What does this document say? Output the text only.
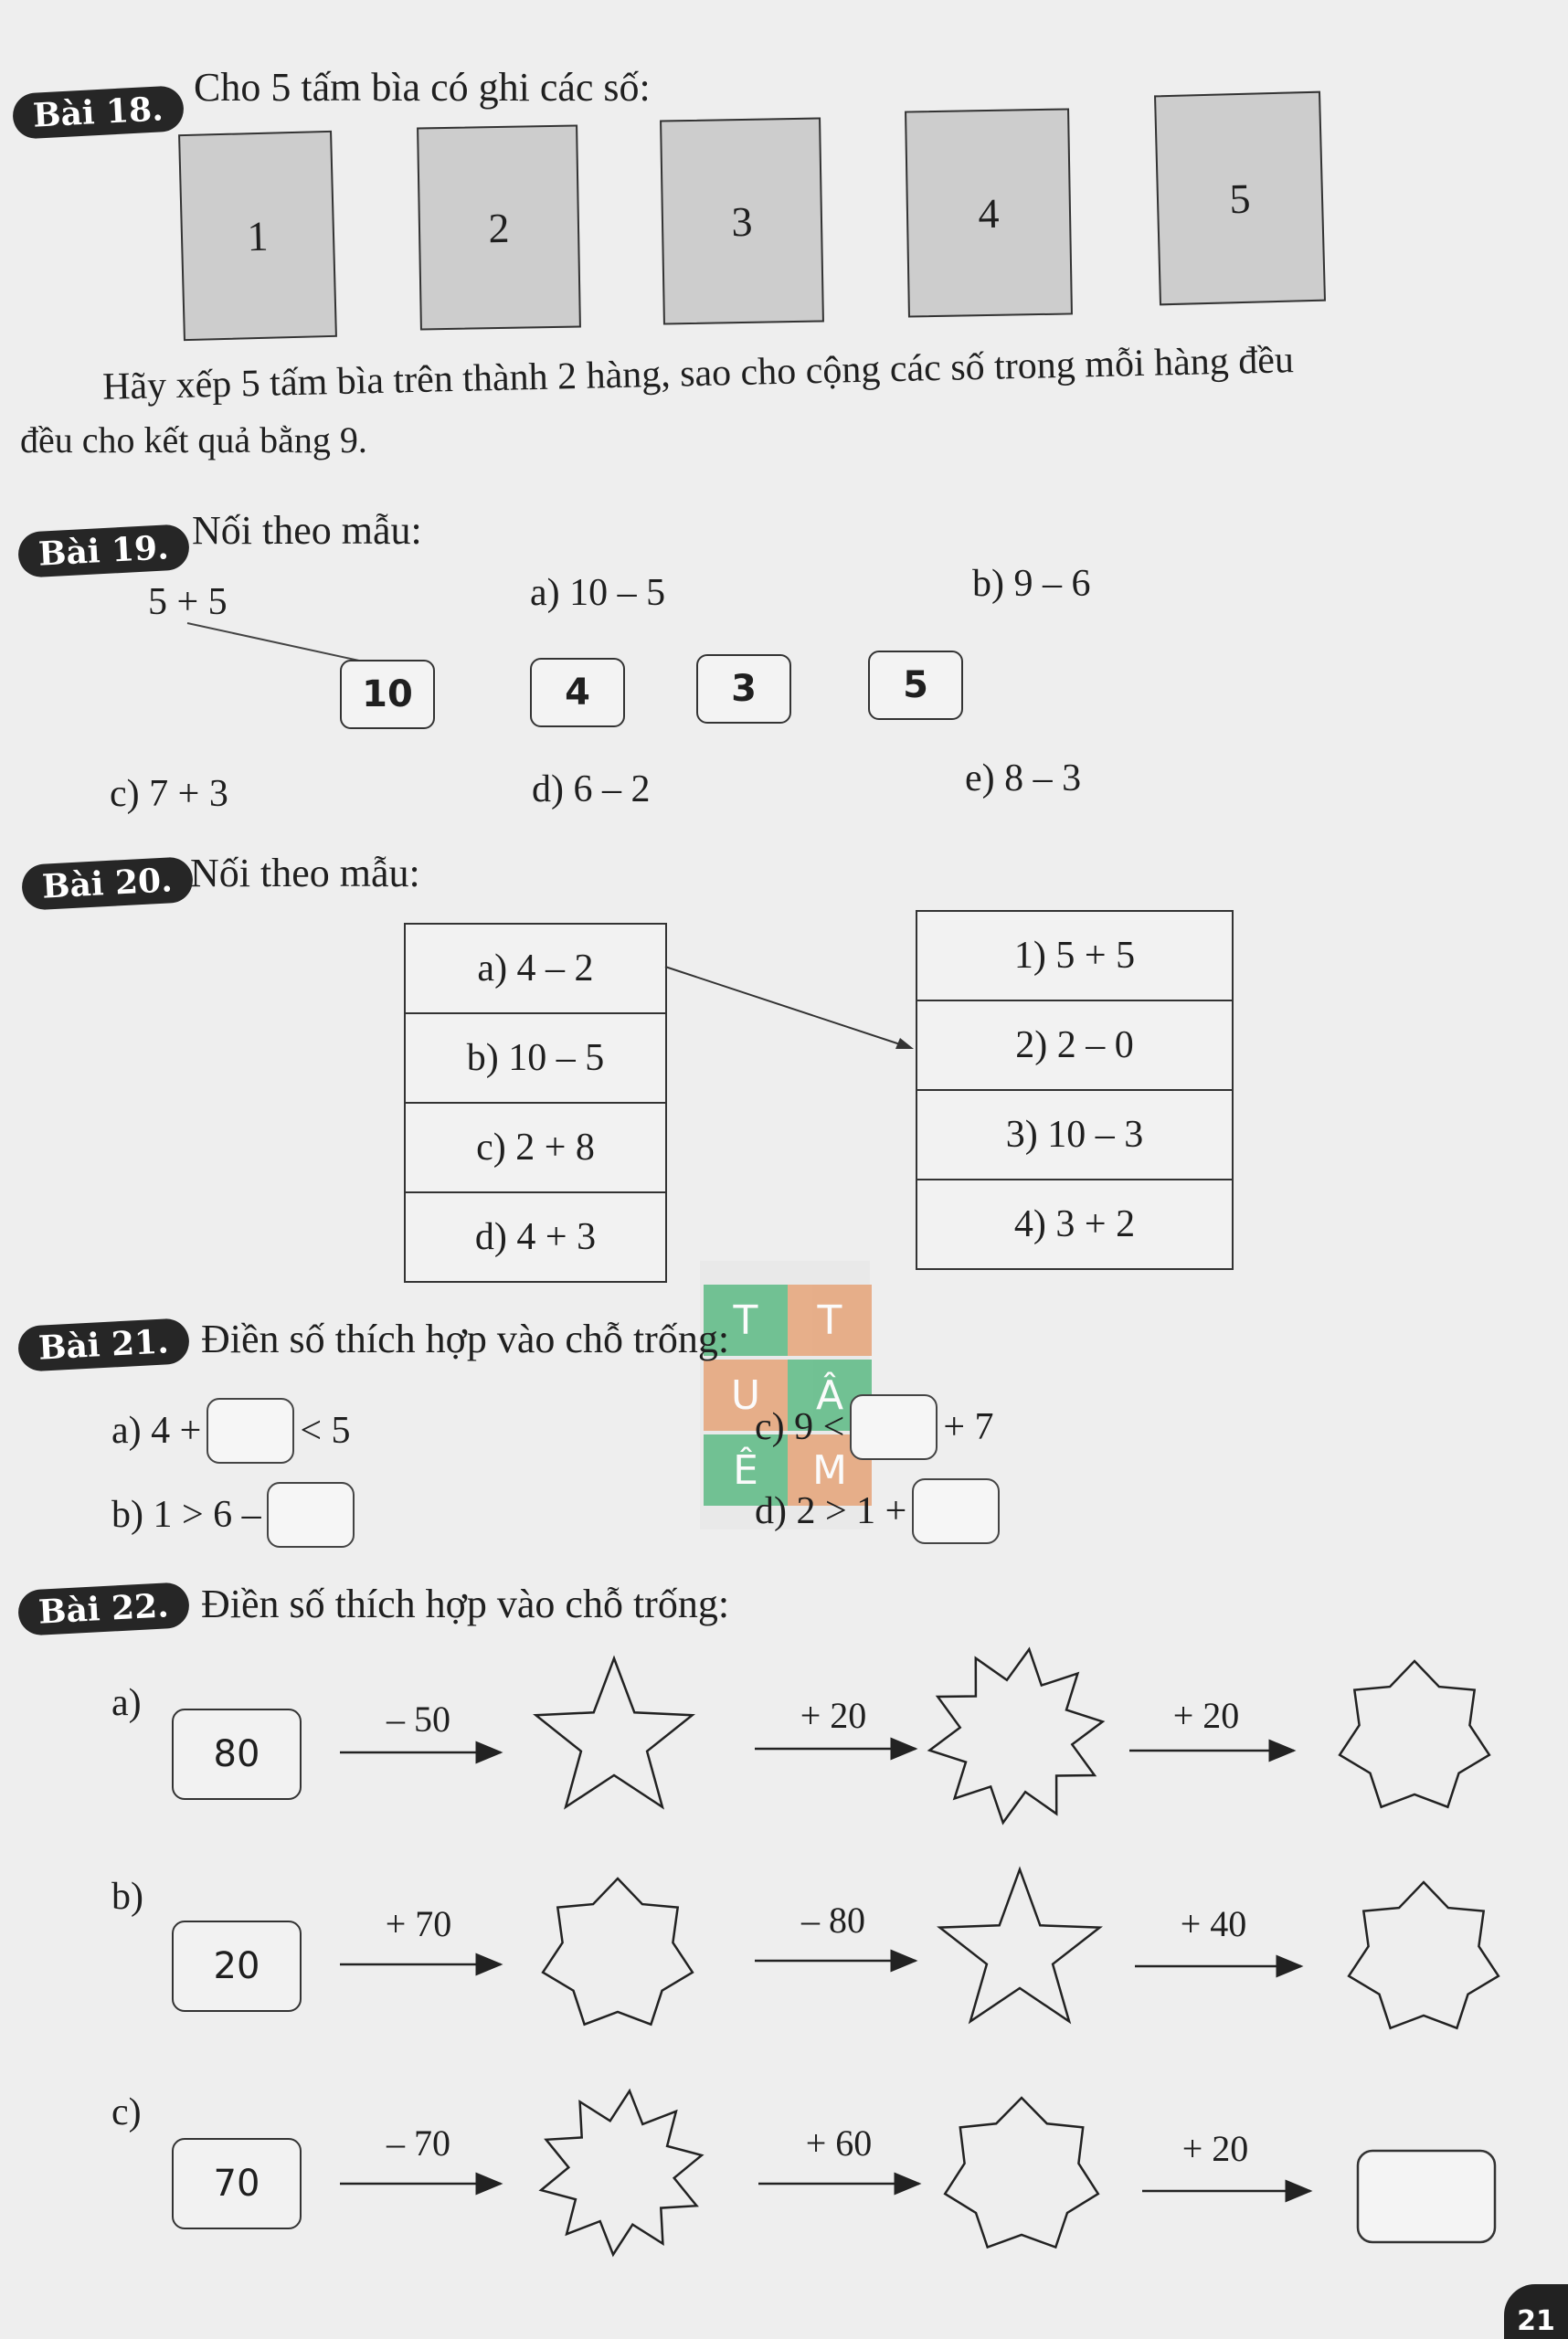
Bài 18.
Cho 5 tấm bìa có ghi các số:
1	2	3	4	5
Hãy xếp 5 tấm bìa trên thành 2 hàng, sao cho cộng các số trong mỗi hàng đều
đều cho kết quả bằng 9.
Bài 19. Nối theo mẫu:
5 + 5	a) 10 – 5	b) 9 – 6
10	4	3	5
c) 7 + 3	d) 6 – 2	e) 8 – 3
Bài 20. Nối theo mẫu:
a) 4 – 2
b) 10 – 5
c) 2 + 8
d) 4 + 3
1) 5 + 5
2) 2 – 0
3) 10 – 3
4) 3 + 2
T	T
U	Â
Ê	M
Bài 21. Điền số thích hợp vào chỗ trống:
a) 4 +	< 5
b) 1 > 6 –
c) 9 <	+ 7
d) 2 > 1 +
Bài 22. Điền số thích hợp vào chỗ trống:
a)
80
– 50	+ 20	+ 20
b)
20
+ 70	– 80	+ 40
c)
70
– 70	+ 60	+ 20
21
